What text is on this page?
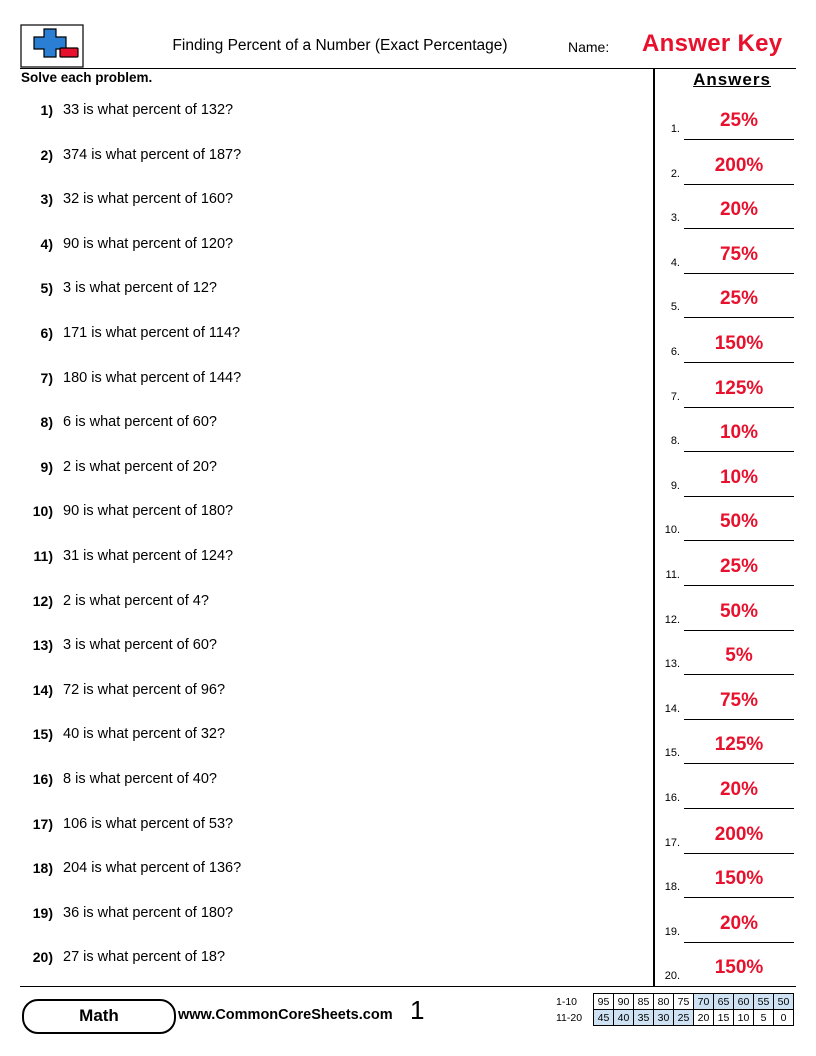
Finding Percent of a Number (Exact Percentage)	Name: Answer Key
Solve each problem.
1) 33 is what percent of 132?
2) 374 is what percent of 187?
3) 32 is what percent of 160?
4) 90 is what percent of 120?
5) 3 is what percent of 12?
6) 171 is what percent of 114?
7) 180 is what percent of 144?
8) 6 is what percent of 60?
9) 2 is what percent of 20?
10) 90 is what percent of 180?
11) 31 is what percent of 124?
12) 2 is what percent of 4?
13) 3 is what percent of 60?
14) 72 is what percent of 96?
15) 40 is what percent of 32?
16) 8 is what percent of 40?
17) 106 is what percent of 53?
18) 204 is what percent of 136?
19) 36 is what percent of 180?
20) 27 is what percent of 18?
Answers
1.	25%
2.	200%
3.	20%
4.	75%
5.	25%
6.	150%
7.	125%
8.	10%
9.	10%
10.	50%
11.	25%
12.	50%
13.	5%
14.	75%
15.	125%
16.	20%
17.	200%
18.	150%
19.	20%
20.	150%
Math	www.CommonCoreSheets.com 1	1-10	95	90	85	80	75	70	65	60	55	50
11-20	45	40	35	30	25	20	15	10	5	0
